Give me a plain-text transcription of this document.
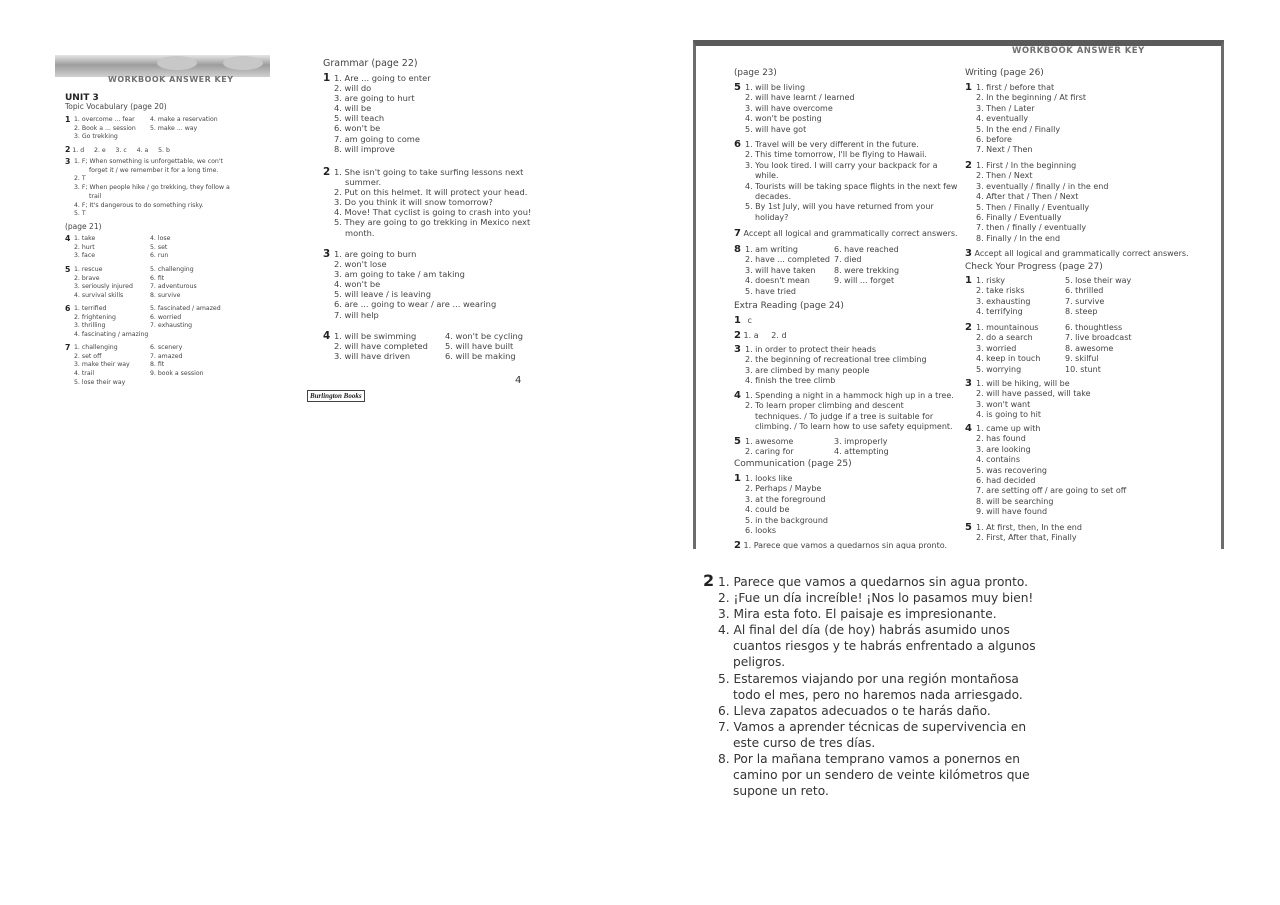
WORKBOOK ANSWER KEY
UNIT 3
Topic Vocabulary (page 20)
1 1. overcome ... fear
2. Book a ... session
3. Go trekking
4. make a reservation
5. make ... way
2 1. d     2. e     3. c     4. a     5. b
3 1. F; When something is unforgettable, we con't
forget it / we remember it for a long time.
2. T
3. F; When people hike / go trekking, they follow a
trail
4. F; It's dangerous to do something risky.
5. T
(page 21)
4 1. take
2. hurt
3. face
4. lose
5. set
6. run
5 1. rescue
2. brave
3. seriously injured
4. survival skills
5. challenging
6. fit
7. adventurous
8. survive
6 1. terrified
2. frightening
3. thrilling
4. fascinating / amazing
5. fascinated / amazed
6. worried
7. exhausting
7 1. challenging
2. set off
3. make their way
4. trail
5. lose their way
6. scenery
7. amazed
8. fit
9. book a session
Grammar (page 22)
1 1. Are ... going to enter
2. will do
3. are going to hurt
4. will be
5. will teach
6. won't be
7. am going to come
8. will improve
2 1. She isn't going to take surfing lessons next
summer.
2. Put on this helmet. It will protect your head.
3. Do you think it will snow tomorrow?
4. Move! That cyclist is going to crash into you!
5. They are going to go trekking in Mexico next
month.
3 1. are going to burn
2. won't lose
3. am going to take / am taking
4. won't be
5. will leave / is leaving
6. are ... going to wear / are ... wearing
7. will help
4 1. will be swimming
2. will have completed
3. will have driven
4. won't be cycling
5. will have built
6. will be making
4
Burlington Books
WORKBOOK ANSWER KEY
(page 23)
5 1. will be living
2. will have learnt / learned
3. will have overcome
4. won't be posting
5. will have got
6 1. Travel will be very different in the future.
2. This time tomorrow, I'll be flying to Hawaii.
3. You look tired. I will carry your backpack for a
while.
4. Tourists will be taking space flights in the next few
decades.
5. By 1st July, will you have returned from your
holiday?
7 Accept all logical and grammatically correct answers.
8 1. am writing
2. have ... completed
3. will have taken
4. doesn't mean
5. have tried
6. have reached
7. died
8. were trekking
9. will ... forget
Extra Reading (page 24)
1 c
2 1. a     2. d
3 1. in order to protect their heads
2. the beginning of recreational tree climbing
3. are climbed by many people
4. finish the tree climb
4 1. Spending a night in a hammock high up in a tree.
2. To learn proper climbing and descent
techniques. / To judge if a tree is suitable for
climbing. / To learn how to use safety equipment.
5 1. awesome
2. caring for
3. improperly
4. attempting
Communication (page 25)
1 1. looks like
2. Perhaps / Maybe
3. at the foreground
4. could be
5. in the background
6. looks
2 1. Parece que vamos a quedarnos sin agua pronto.
Writing (page 26)
1 1. first / before that
2. In the beginning / At first
3. Then / Later
4. eventually
5. In the end / Finally
6. before
7. Next / Then
2 1. First / In the beginning
2. Then / Next
3. eventually / finally / in the end
4. After that / Then / Next
5. Then / Finally / Eventually
6. Finally / Eventually
7. then / finally / eventually
8. Finally / In the end
3 Accept all logical and grammatically correct answers.
Check Your Progress (page 27)
1 1. risky
2. take risks
3. exhausting
4. terrifying
5. lose their way
6. thrilled
7. survive
8. steep
2 1. mountainous
2. do a search
3. worried
4. keep in touch
5. worrying
6. thoughtless
7. live broadcast
8. awesome
9. skilful
10. stunt
3 1. will be hiking, will be
2. will have passed, will take
3. won't want
4. is going to hit
4 1. came up with
2. has found
3. are looking
4. contains
5. was recovering
6. had decided
7. are setting off / are going to set off
8. will be searching
9. will have found
5 1. At first, then, In the end
2. First, After that, Finally
2 1. Parece que vamos a quedarnos sin agua pronto.
2. ¡Fue un día increíble! ¡Nos lo pasamos muy bien!
3. Mira esta foto. El paisaje es impresionante.
4. Al final del día (de hoy) habrás asumido unos
cuantos riesgos y te habrás enfrentado a algunos
peligros.
5. Estaremos viajando por una región montañosa
todo el mes, pero no haremos nada arriesgado.
6. Lleva zapatos adecuados o te harás daño.
7. Vamos a aprender técnicas de supervivencia en
este curso de tres días.
8. Por la mañana temprano vamos a ponernos en
camino por un sendero de veinte kilómetros que
supone un reto.
